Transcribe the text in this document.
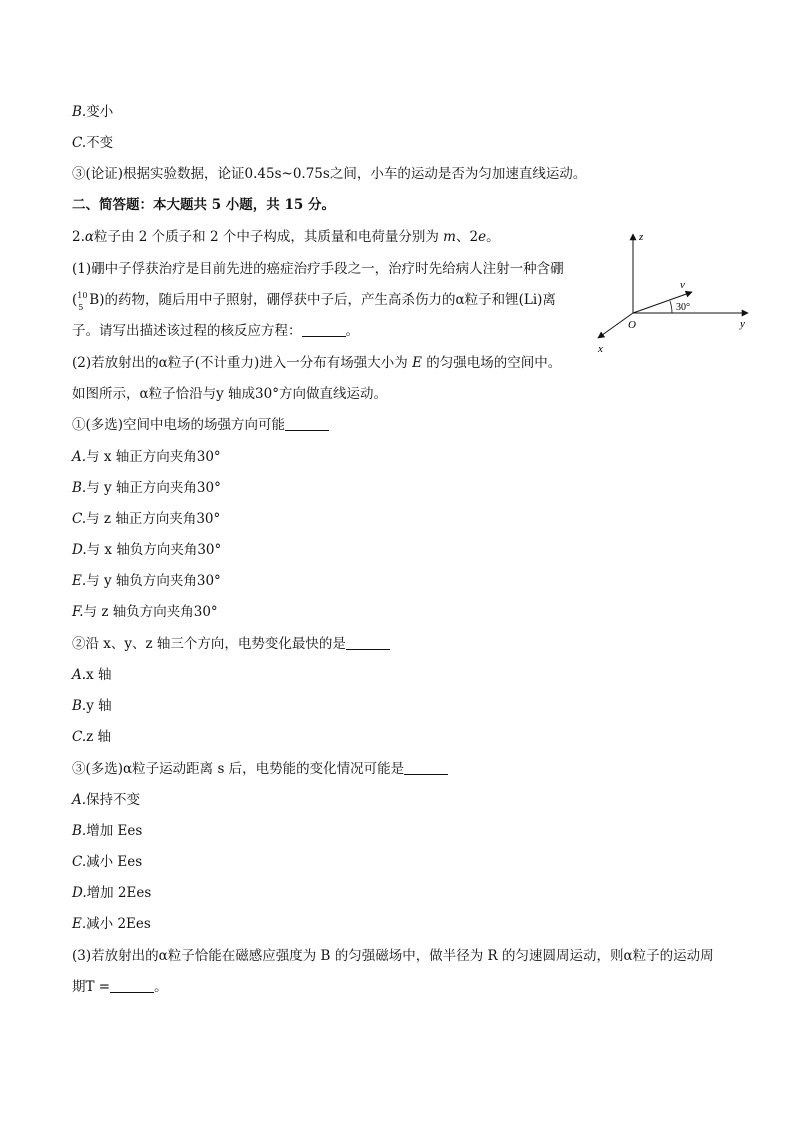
B.变小
C.不变
③(论证)根据实验数据，论证0.45s~0.75s之间，小车的运动是否为匀加速直线运动。
二、简答题：本大题共 5 小题，共 15 分。
2.α粒子由 2 个质子和 2 个中子构成，其质量和电荷量分别为 m、2e。
(1)硼中子俘获治疗是目前先进的癌症治疗手段之一，治疗时先给病人注射一种含硼
( 10
5 B)的药物，随后用中子照射，硼俘获中子后，产生高杀伤力的α粒子和锂(Li)离
子。请写出描述该过程的核反应方程：	。
(2)若放射出的α粒子(不计重力)进入一分布有场强大小为 E 的匀强电场的空间中。
如图所示，α粒子恰沿与y 轴成30°方向做直线运动。
①(多选)空间中电场的场强方向可能
A.与 x 轴正方向夹角30°
B.与 y 轴正方向夹角30°
C.与 z 轴正方向夹角30°
D.与 x 轴负方向夹角30°
E.与 y 轴负方向夹角30°
F.与 z 轴负方向夹角30°
②沿 x、y、z 轴三个方向，电势变化最快的是
A.x 轴
B.y 轴
C.z 轴
③(多选)α粒子运动距离 s 后，电势能的变化情况可能是
A.保持不变
B.增加 Ees
C.减小 Ees
D.增加 2Ees
E.减小 2Ees
(3)若放射出的α粒子恰能在磁感应强度为 B 的匀强磁场中，做半径为 R 的匀速圆周运动，则α粒子的运动周
期T =	。
z
y
x
O
v
30°
